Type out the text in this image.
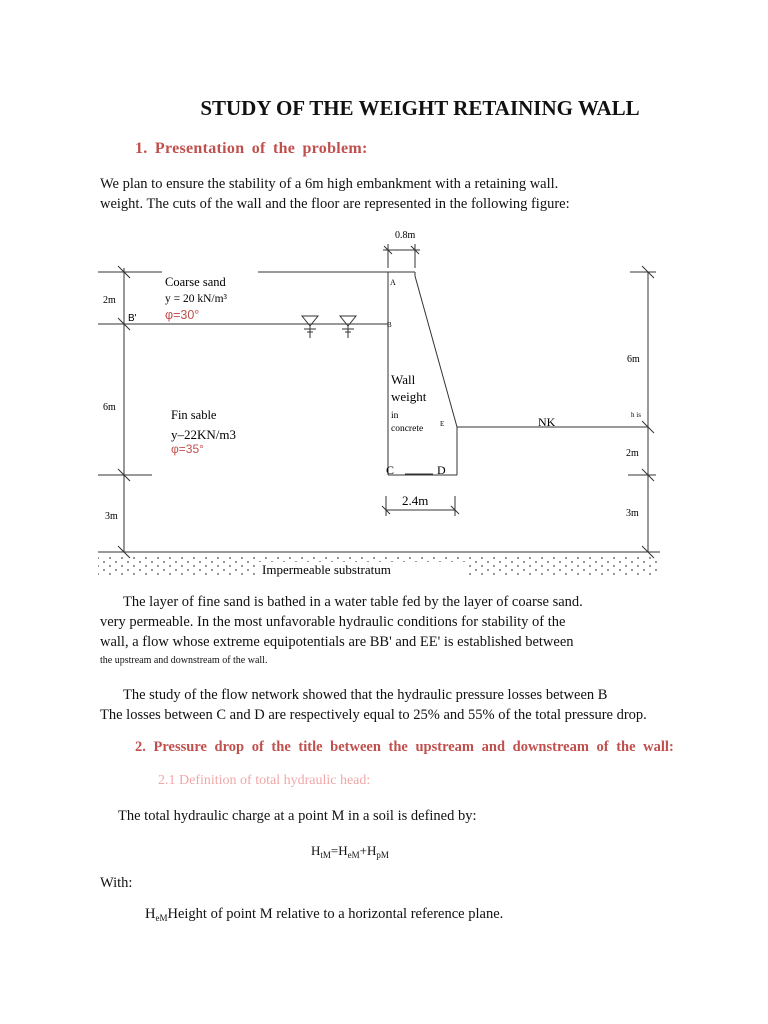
STUDY OF THE WEIGHT RETAINING WALL
1. Presentation of the problem:
We plan to ensure the stability of a 6m high embankment with a retaining wall.
weight. The cuts of the wall and the floor are represented in the following figure:
0.8m
Coarse sand
y = 20 kN/m³
φ=30°
Fin sable
y–22KN/m3
φ=35°
Wall
weight
in
concrete
2m
6m
3m
6m
h is
2m
3m
2.4m
A
B
B'
C	D
E	NK
Impermeable substratum
The layer of fine sand is bathed in a water table fed by the layer of coarse sand.
very permeable. In the most unfavorable hydraulic conditions for stability of the
wall, a flow whose extreme equipotentials are BB' and EE' is established between
the upstream and downstream of the wall.
The study of the flow network showed that the hydraulic pressure losses between B
The losses between C and D are respectively equal to 25% and 55% of the total pressure drop.
2. Pressure drop of the title between the upstream and downstream of the wall:
2.1 Definition of total hydraulic head:
The total hydraulic charge at a point M in a soil is defined by:
$H_{tM}=H_{eM}+H_{pM}$
With:
$H_{eM}Height$ of point M relative to a horizontal reference plane.
